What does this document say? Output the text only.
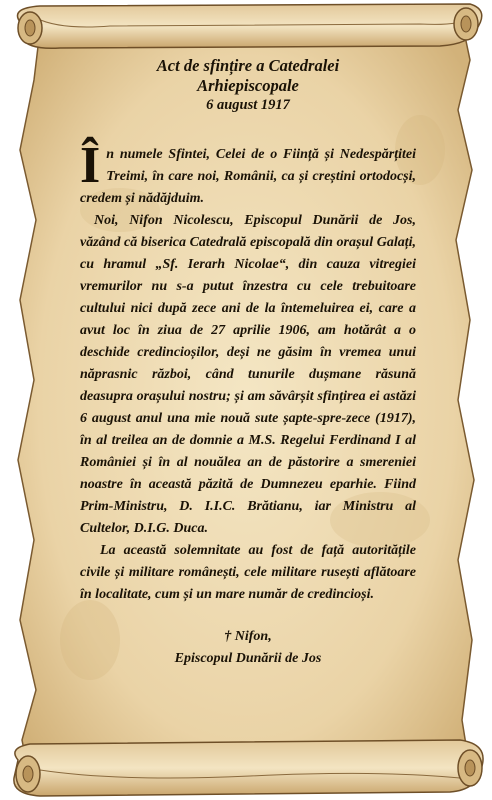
Act de sfințire a Catedralei

Arhiepiscopale

6 august 1917

În numele Sfintei, Celei de o Ființă și Nedespărțitei Treimi, în care noi, Românii, ca și creștini ortodocși, credem și nădăjduim.

Noi, Nifon Nicolescu, Episcopul Dunării de Jos, văzând că biserica Catedrală episcopală din orașul Galați, cu hramul „Sf. Ierarh Nicolae“, din cauza vitregiei vremurilor nu s-a putut înzestra cu cele trebuitoare cultului nici după zece ani de la întemeluirea ei, care a avut loc în ziua de 27 aprilie 1906, am hotărât a o deschide credincioșilor, deși ne găsim în vremea unui năprasnic război, când tunurile dușmane răsună deasupra orașului nostru; și am săvârșit sfințirea ei astăzi 6 august anul una mie nouă sute șapte-spre-zece (1917), în al treilea an de domnie a M.S. Regelui Ferdinand I al României și în al nouălea an de păstorire a smereniei noastre în această păzită de Dumnezeu eparhie. Fiind Prim-Ministru, D. I.I.C. Brătianu, iar Ministru al Cultelor, D.I.G. Duca.

La această solemnitate au fost de față autoritățile civile și militare românești, cele militare rusești aflătoare în localitate, cum și un mare număr de credincioși.

† Nifon,
Episcopul Dunării de Jos
